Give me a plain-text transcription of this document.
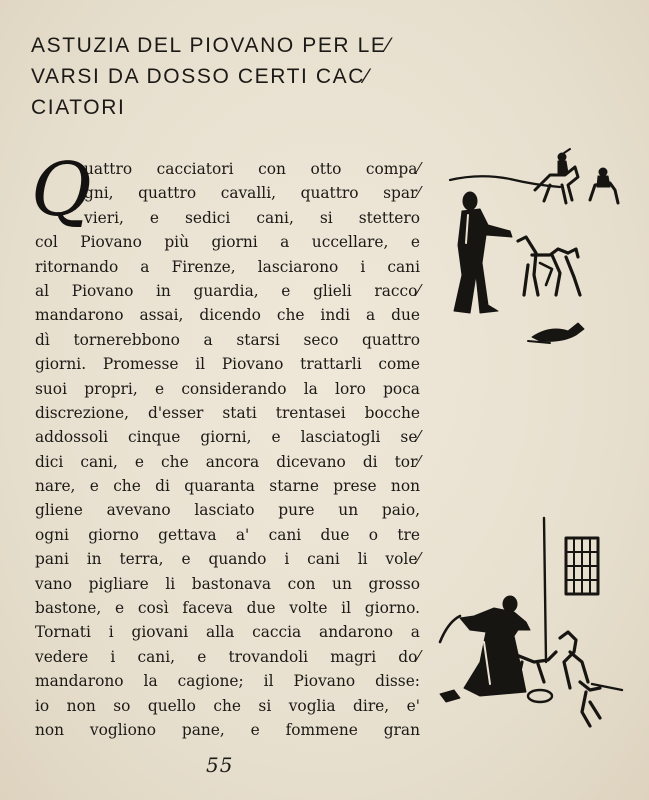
ASTUZIA DEL PIOVANO PER LE⁄
VARSI DA DOSSO CERTI CAC⁄
CIATORI
Q
uattro cacciatori con otto compa⁄
gni, quattro cavalli, quattro spar⁄
vieri, e sedici cani, si stettero
col Piovano più giorni a uccellare, e
ritornando a Firenze, lasciarono i cani
al Piovano in guardia, e glieli racco⁄
mandarono assai, dicendo che indi a due
dì tornerebbono a starsi seco quattro
giorni. Promesse il Piovano trattarli come
suoi propri, e considerando la loro poca
discrezione, d'esser stati trentasei bocche
addossoli cinque giorni, e lasciatogli se⁄
dici cani, e che ancora dicevano di tor⁄
nare, e che di quaranta starne prese non
gliene avevano lasciato pure un paio,
ogni giorno gettava a' cani due o tre
pani in terra, e quando i cani li vole⁄
vano pigliare li bastonava con un grosso
bastone, e così faceva due volte il giorno.
Tornati i giovani alla caccia andarono a
vedere i cani, e trovandoli magri do⁄
mandarono la cagione; il Piovano disse:
io non so quello che si voglia dire, e'
non vogliono pane, e fommene gran
55
